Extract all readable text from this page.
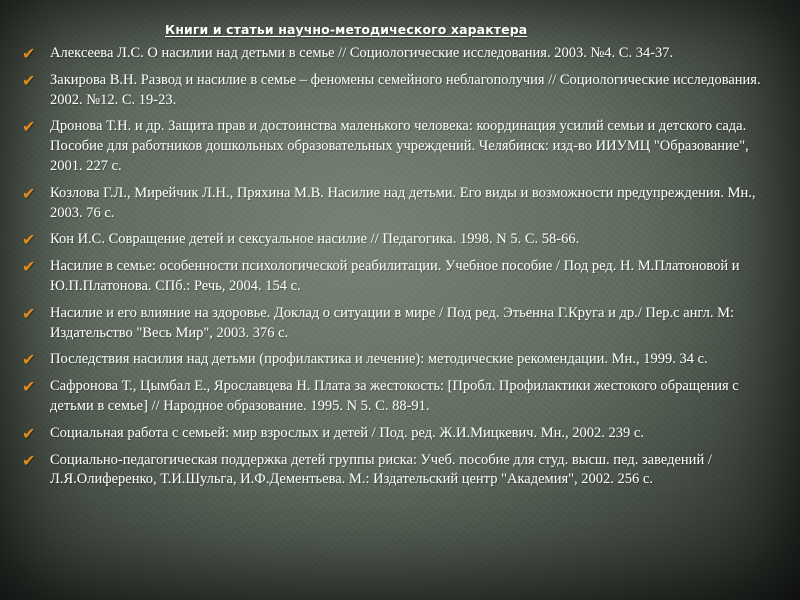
Книги и статьи научно-методического характера
✔	Алексеева Л.С. О насилии над детьми в семье // Социологические исследования. 2003. №4. С. 34-37.
✔	Закирова В.Н. Развод и насилие в семье – феномены семейного неблагополучия // Социологические исследования. 2002. №12. С. 19-23.
✔	Дронова Т.Н. и др. Защита прав и достоинства маленького человека: координация усилий семьи и детского сада. Пособие для работников дошкольных образовательных учреждений. Челябинск: изд-во ИИУМЦ "Образование", 2001. 227 с.
✔	Козлова Г.Л., Мирейчик Л.Н., Пряхина М.В. Насилие над детьми. Его виды и возможности предупреждения. Мн., 2003. 76 с.
✔	Кон И.С. Совращение детей и сексуальное насилие // Педагогика. 1998. N 5. С. 58-66.
✔	Насилие в семье: особенности психологической реабилитации. Учебное пособие / Под ред. Н. М.Платоновой и Ю.П.Платонова. СПб.: Речь, 2004. 154 с.
✔	Насилие и его влияние на здоровье. Доклад о ситуации в мире / Под ред. Этьенна Г.Круга и др./ Пер.с англ. М: Издательство "Весь Мир", 2003. 376 с.
✔	Последствия насилия над детьми (профилактика и лечение): методические рекомендации. Мн., 1999. 34 с.
✔	Сафронова Т., Цымбал Е., Ярославцева Н. Плата за жестокость: [Пробл. Профилактики жестокого обращения с детьми в семье] // Народное образование. 1995. N 5. С. 88-91.
✔	Социальная работа с семьей: мир взрослых и детей / Под. ред. Ж.И.Мицкевич. Мн., 2002. 239 с.
✔	Социально-педагогическая поддержка детей группы риска: Учеб. пособие для студ. высш. пед. заведений / Л.Я.Олиференко, Т.И.Шульга, И.Ф.Дементьева. М.: Издательский центр "Академия", 2002. 256 с.
